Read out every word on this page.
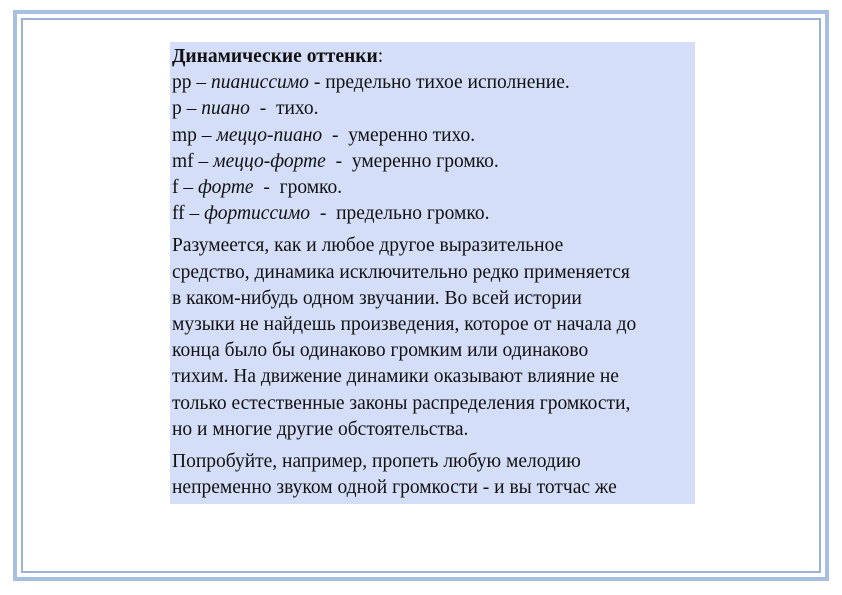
Динамические оттенки:
pp – пианиссимо - предельно тихое исполнение.
p – пиано  -  тихо.
mp – меццо-пиано  -  умеренно тихо.
mf – меццо-форте  -  умеренно громко.
f – форте  -  громко.
ff – фортиссимо  -  предельно громко.
Разумеется, как и любое другое выразительное
средство, динамика исключительно редко применяется
в каком-нибудь одном звучании. Во всей истории
музыки не найдешь произведения, которое от начала до
конца было бы одинаково громким или одинаково
тихим. На движение динамики оказывают влияние не
только естественные законы распределения громкости,
но и многие другие обстоятельства.
Попробуйте, например, пропеть любую мелодию
непременно звуком одной громкости - и вы тотчас же
